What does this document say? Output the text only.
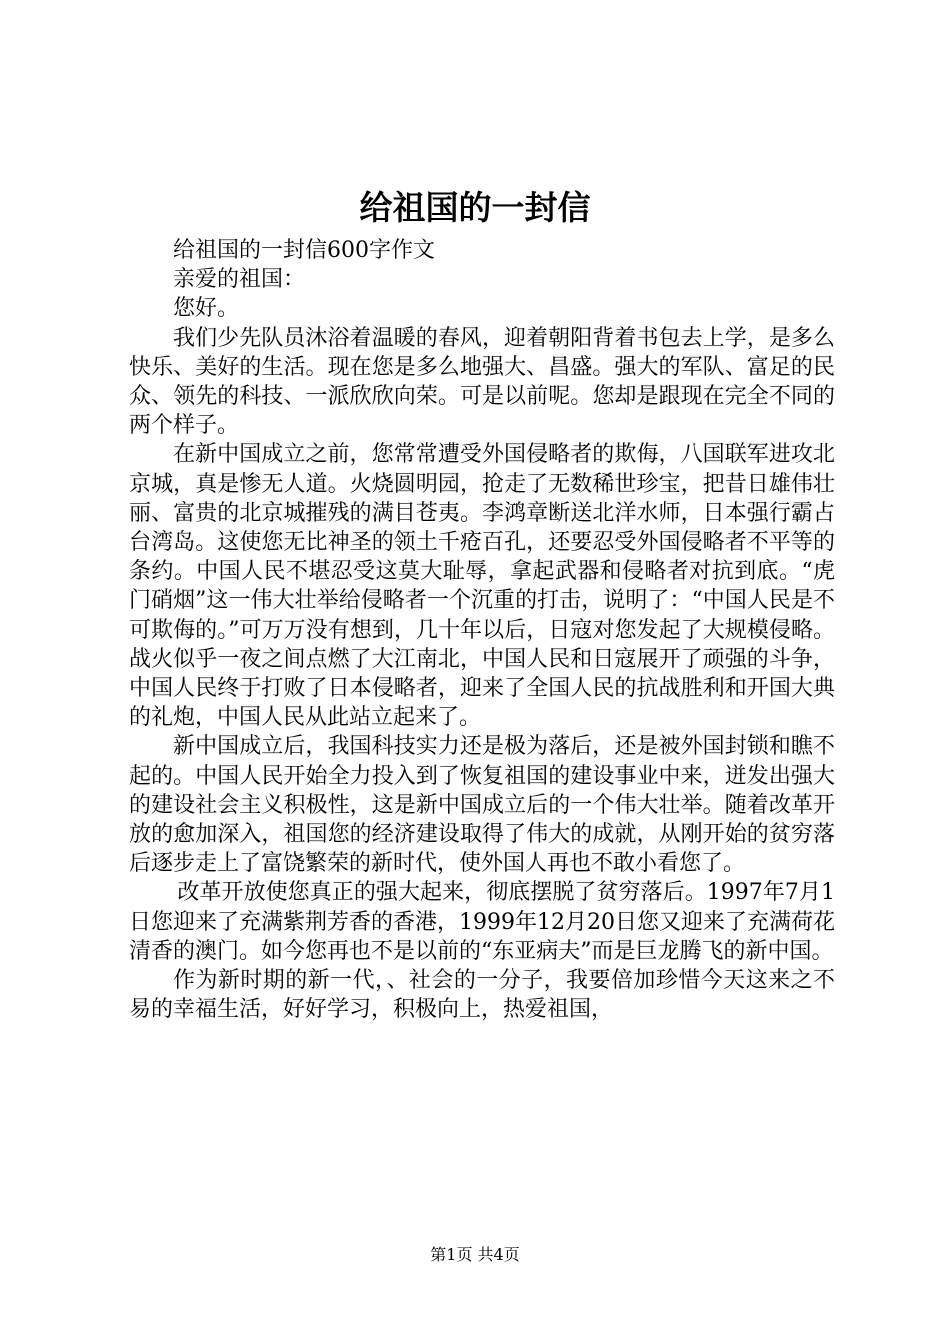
给祖国的一封信

给祖国的一封信600字作文

亲爱的祖国：

您好。

我们少先队员沐浴着温暖的春风，迎着朝阳背着书包去上学，是多么快乐、美好的生活。现在您是多么地强大、昌盛。强大的军队、富足的民众、领先的科技、一派欣欣向荣。可是以前呢。您却是跟现在完全不同的两个样子。

在新中国成立之前，您常常遭受外国侵略者的欺侮，八国联军进攻北京城，真是惨无人道。火烧圆明园，抢走了无数稀世珍宝，把昔日雄伟壮丽、富贵的北京城摧残的满目苍夷。李鸿章断送北洋水师，日本强行霸占台湾岛。这使您无比神圣的领土千疮百孔，还要忍受外国侵略者不平等的条约。中国人民不堪忍受这莫大耻辱，拿起武器和侵略者对抗到底。“虎门硝烟”这一伟大壮举给侵略者一个沉重的打击，说明了：“中国人民是不可欺侮的。”可万万没有想到，几十年以后，日寇对您发起了大规模侵略。战火似乎一夜之间点燃了大江南北，中国人民和日寇展开了顽强的斗争，中国人民终于打败了日本侵略者，迎来了全国人民的抗战胜利和开国大典的礼炮，中国人民从此站立起来了。

新中国成立后，我国科技实力还是极为落后，还是被外国封锁和瞧不起的。中国人民开始全力投入到了恢复祖国的建设事业中来，迸发出强大的建设社会主义积极性，这是新中国成立后的一个伟大壮举。随着改革开放的愈加深入，祖国您的经济建设取得了伟大的成就，从刚开始的贫穷落后逐步走上了富饶繁荣的新时代，使外国人再也不敢小看您了。

改革开放使您真正的强大起来，彻底摆脱了贫穷落后。1997年7月1日您迎来了充满紫荆芳香的香港，1999年12月20日您又迎来了充满荷花清香的澳门。如今您再也不是以前的“东亚病夫”而是巨龙腾飞的新中国。

作为新时期的新一代，、社会的一分子，我要倍加珍惜今天这来之不易的幸福生活，好好学习，积极向上，热爱祖国，

第1页 共4页
